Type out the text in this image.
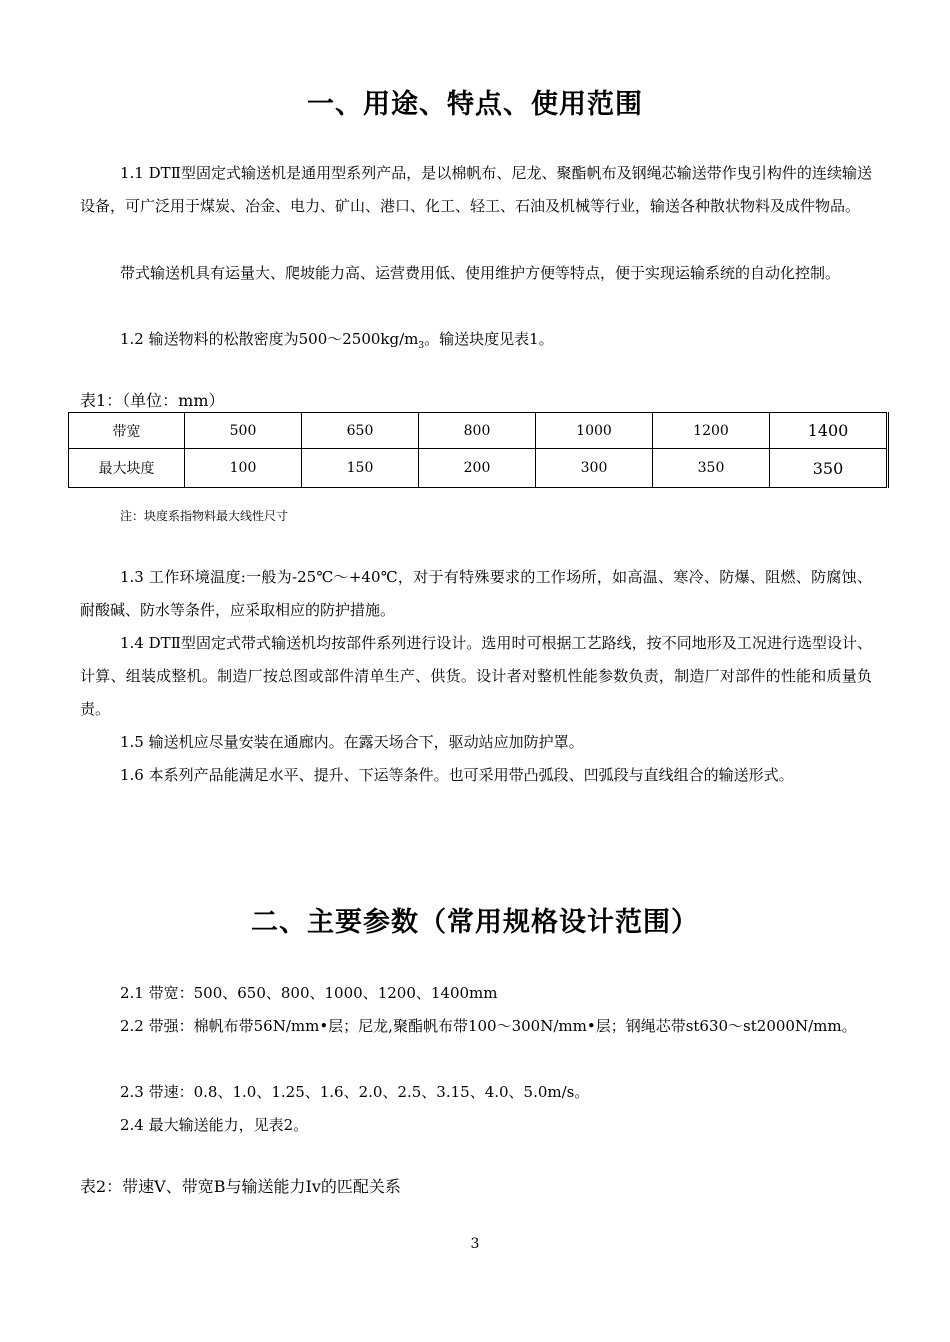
一、用途、特点、使用范围
1.1 DTⅡ型固定式输送机是通用型系列产品，是以棉帆布、尼龙、聚酯帆布及钢绳芯输送带作曳引构件的连续输送设备，可广泛用于煤炭、冶金、电力、矿山、港口、化工、轻工、石油及机械等行业，输送各种散状物料及成件物品。
带式输送机具有运量大、爬坡能力高、运营费用低、使用维护方便等特点，便于实现运输系统的自动化控制。
1.2 输送物料的松散密度为$500\sim 2500kg/m_3$。输送块度见表1。
表1：（单位：mm）
带宽	500	650	800	1000	1200	1400
最大块度	100	150	200	300	350	350
注：块度系指物料最大线性尺寸
1.3 工作环境温度:一般为-25℃～+40℃，对于有特殊要求的工作场所，如高温、寒冷、防爆、阻燃、防腐蚀、耐酸碱、防水等条件，应采取相应的防护措施。
1.4 DTⅡ型固定式带式输送机均按部件系列进行设计。选用时可根据工艺路线，按不同地形及工况进行选型设计、计算、组装成整机。制造厂按总图或部件清单生产、供货。设计者对整机性能参数负责，制造厂对部件的性能和质量负责。
1.5 输送机应尽量安装在通廊内。在露天场合下，驱动站应加防护罩。
1.6 本系列产品能满足水平、提升、下运等条件。也可采用带凸弧段、凹弧段与直线组合的输送形式。
二、主要参数（常用规格设计范围）
2.1 带宽：500、650、800、1000、1200、1400mm
2.2 带强：棉帆布带56N/mm•层；尼龙,聚酯帆布带100～300N/mm•层；钢绳芯带st630～st2000N/mm。
2.3 带速：0.8、1.0、1.25、1.6、2.0、2.5、3.15、4.0、5.0m/s。
2.4 最大输送能力，见表2。
表2：带速V、带宽B与输送能力Iv的匹配关系
3
